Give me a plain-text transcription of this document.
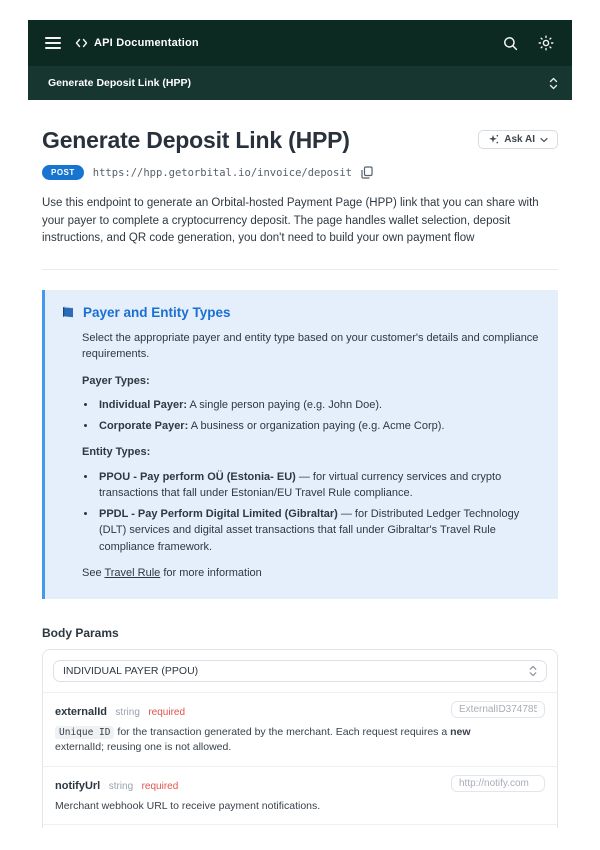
API Documentation
Generate Deposit Link (HPP)
Generate Deposit Link (HPP)	Ask AI
POST	https://hpp.getorbital.io/invoice/deposit

Use this endpoint to generate an Orbital-hosted Payment Page (HPP) link that you can share with your payer to complete a cryptocurrency deposit. The page handles wallet selection, deposit instructions, and QR code generation, you don't need to build your own payment flow

Payer and Entity Types

Select the appropriate payer and entity type based on your customer's details and compliance requirements.

Payer Types:

• Individual Payer: A single person paying (e.g. John Doe).
• Corporate Payer: A business or organization paying (e.g. Acme Corp).

Entity Types:

• PPOU - Pay perform OÜ (Estonia- EU) — for virtual currency services and crypto transactions that fall under Estonian/EU Travel Rule compliance.
• PPDL - Pay Perform Digital Limited (Gibraltar) — for Distributed Ledger Technology (DLT) services and digital asset transactions that fall under Gibraltar's Travel Rule compliance framework.

See Travel Rule for more information

Body Params
INDIVIDUAL PAYER (PPOU)
externalId string required
ExternalID374785
Unique ID for the transaction generated by the merchant. Each request requires a new externalId; reusing one is not allowed.
notifyUrl string required
http://notify.com
Merchant webhook URL to receive payment notifications.
